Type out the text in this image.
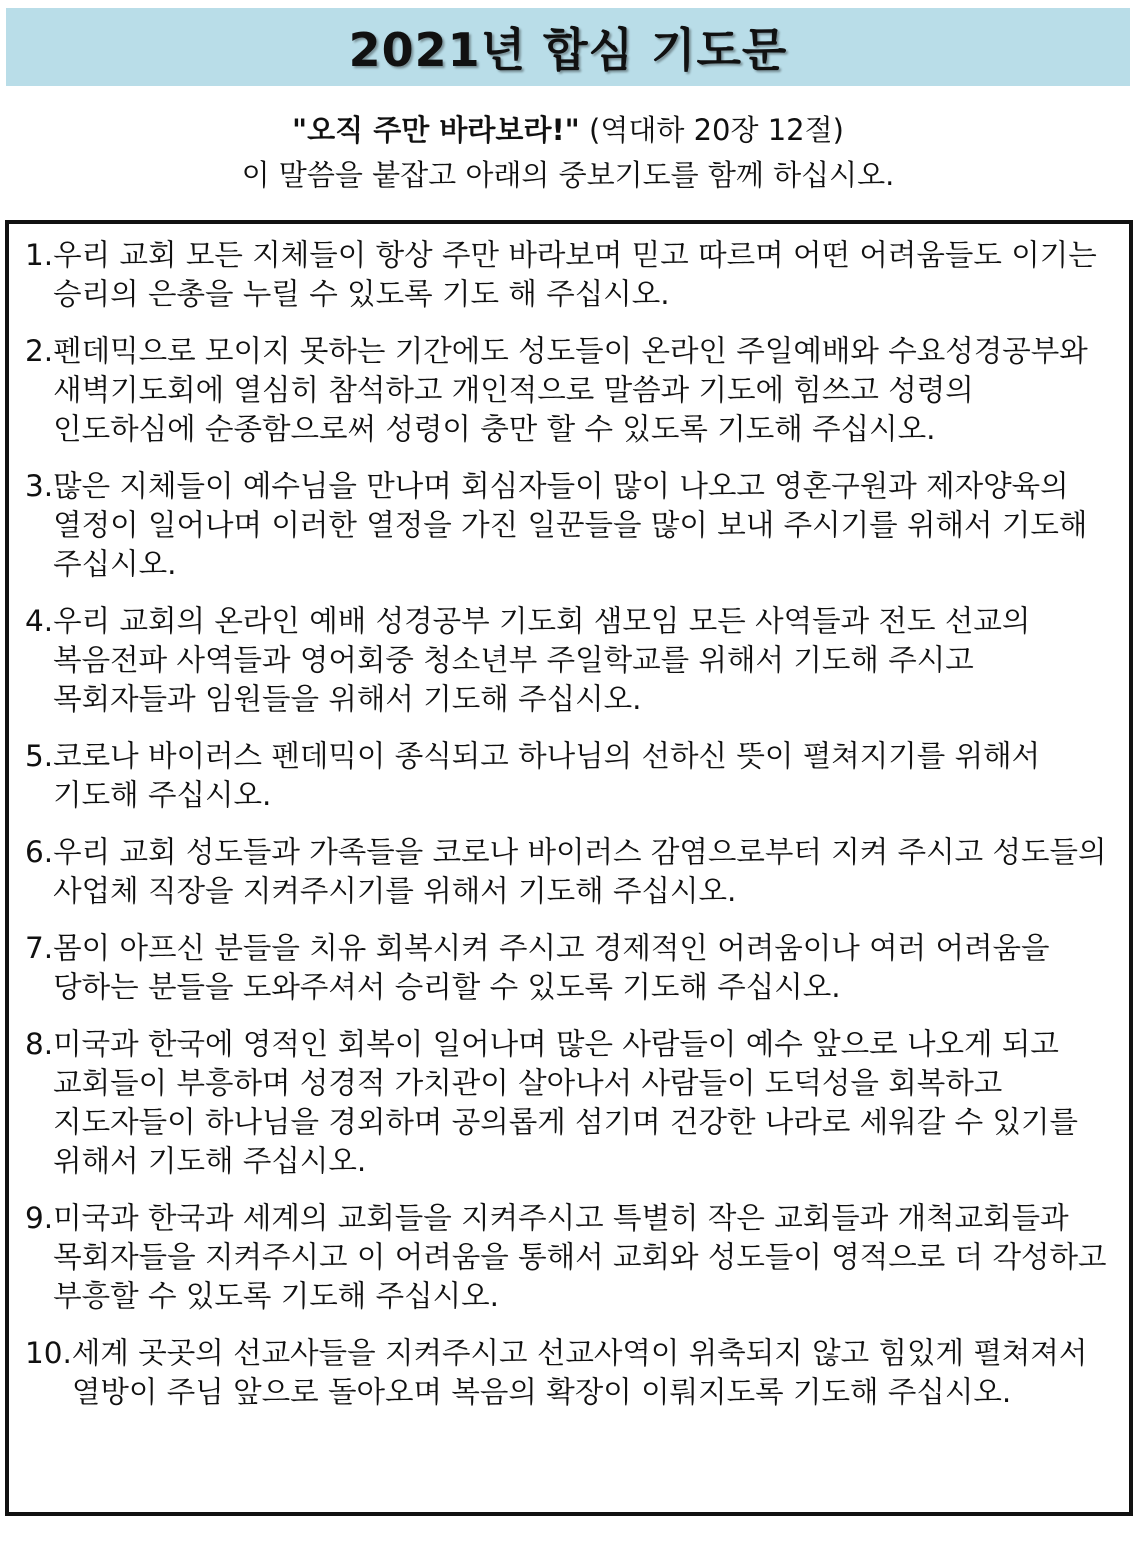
2021년 합심 기도문
"오직 주만 바라보라!" (역대하 20장 12절)
이 말씀을 붙잡고 아래의 중보기도를 함께 하십시오.
1. 우리 교회 모든 지체들이 항상 주만 바라보며 믿고 따르며 어떤 어려움들도 이기는 승리의 은총을 누릴 수 있도록 기도 해 주십시오.
2. 펜데믹으로 모이지 못하는 기간에도 성도들이 온라인 주일예배와 수요성경공부와 새벽기도회에 열심히 참석하고 개인적으로 말씀과 기도에 힘쓰고 성령의 인도하심에 순종함으로써 성령이 충만 할 수 있도록 기도해 주십시오.
3. 많은 지체들이 예수님을 만나며 회심자들이 많이 나오고 영혼구원과 제자양육의 열정이 일어나며 이러한 열정을 가진 일꾼들을 많이 보내 주시기를 위해서 기도해 주십시오.
4. 우리 교회의 온라인 예배 성경공부 기도회 샘모임 모든 사역들과 전도 선교의 복음전파 사역들과 영어회중 청소년부 주일학교를 위해서 기도해 주시고 목회자들과 임원들을 위해서 기도해 주십시오.
5. 코로나 바이러스 펜데믹이 종식되고 하나님의 선하신 뜻이 펼쳐지기를 위해서 기도해 주십시오.
6. 우리 교회 성도들과 가족들을 코로나 바이러스 감염으로부터 지켜 주시고 성도들의 사업체 직장을 지켜주시기를 위해서 기도해 주십시오.
7. 몸이 아프신 분들을 치유 회복시켜 주시고 경제적인 어려움이나 여러 어려움을 당하는 분들을 도와주셔서 승리할 수 있도록 기도해 주십시오.
8. 미국과 한국에 영적인 회복이 일어나며 많은 사람들이 예수 앞으로 나오게 되고 교회들이 부흥하며 성경적 가치관이 살아나서 사람들이 도덕성을 회복하고 지도자들이 하나님을 경외하며 공의롭게 섬기며 건강한 나라로 세워갈 수 있기를 위해서 기도해 주십시오.
9. 미국과 한국과 세계의 교회들을 지켜주시고 특별히 작은 교회들과 개척교회들과 목회자들을 지켜주시고 이 어려움을 통해서 교회와 성도들이 영적으로 더 각성하고 부흥할 수 있도록 기도해 주십시오.
10. 세계 곳곳의 선교사들을 지켜주시고 선교사역이 위축되지 않고 힘있게 펼쳐져서 열방이 주님 앞으로 돌아오며 복음의 확장이 이뤄지도록 기도해 주십시오.
